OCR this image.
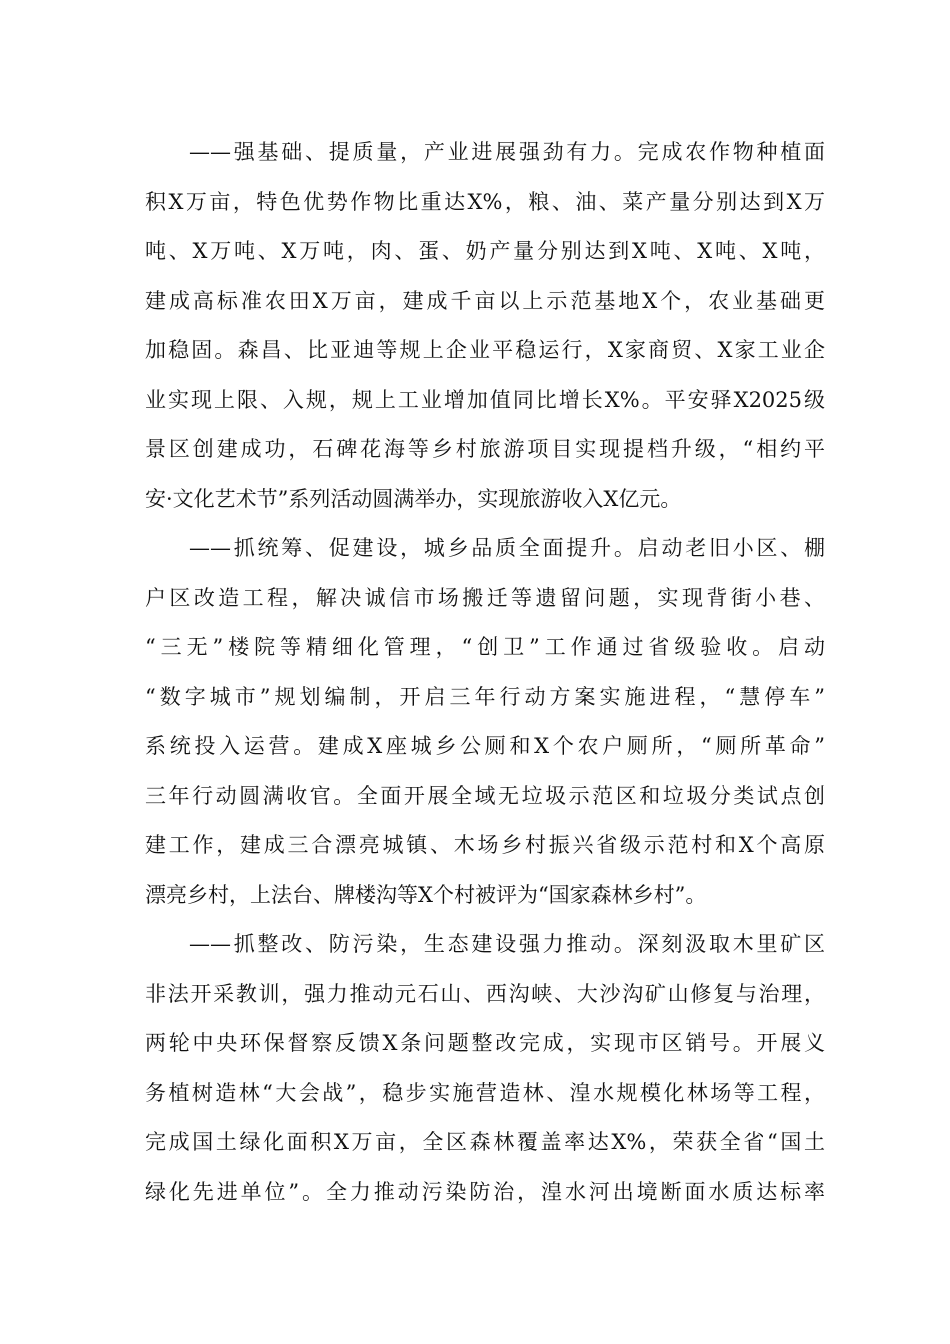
——强基础、提质量，产业进展强劲有力。完成农作物种植面
积X万亩，特色优势作物比重达X%，粮、油、菜产量分别达到X万
吨、X万吨、X万吨，肉、蛋、奶产量分别达到X吨、X吨、X吨，
建成高标准农田X万亩，建成千亩以上示范基地X个，农业基础更
加稳固。森昌、比亚迪等规上企业平稳运行，X家商贸、X家工业企
业实现上限、入规，规上工业增加值同比增长X%。平安驿X2025级
景区创建成功，石碑花海等乡村旅游项目实现提档升级，“相约平
安·文化艺术节”系列活动圆满举办，实现旅游收入X亿元。
——抓统筹、促建设，城乡品质全面提升。启动老旧小区、棚
户区改造工程，解决诚信市场搬迁等遗留问题，实现背街小巷、
“三无”楼院等精细化管理，“创卫”工作通过省级验收。启动
“数字城市”规划编制，开启三年行动方案实施进程，“慧停车”
系统投入运营。建成X座城乡公厕和X个农户厕所，“厕所革命”
三年行动圆满收官。全面开展全域无垃圾示范区和垃圾分类试点创
建工作，建成三合漂亮城镇、木场乡村振兴省级示范村和X个高原
漂亮乡村，上法台、牌楼沟等X个村被评为“国家森林乡村”。
——抓整改、防污染，生态建设强力推动。深刻汲取木里矿区
非法开采教训，强力推动元石山、西沟峡、大沙沟矿山修复与治理，
两轮中央环保督察反馈X条问题整改完成，实现市区销号。开展义
务植树造林“大会战”，稳步实施营造林、湟水规模化林场等工程，
完成国土绿化面积X万亩，全区森林覆盖率达X%，荣获全省“国土
绿化先进单位”。全力推动污染防治，湟水河出境断面水质达标率
